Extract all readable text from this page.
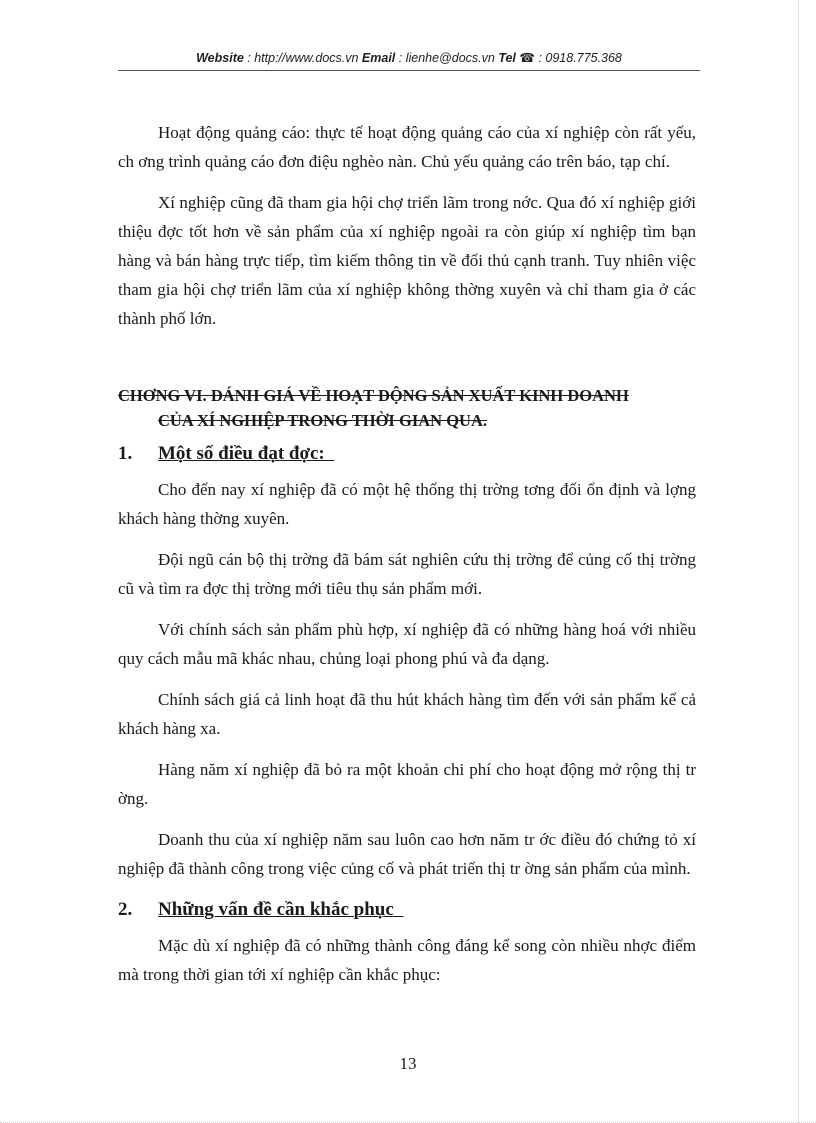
Website : http://www.docs.vn Email : lienhe@docs.vn Tel ☎ : 0918.775.368

Hoạt động quảng cáo: thực tế hoạt động quảng cáo của xí nghiệp còn rất yếu, ch ơng trình quảng cáo đơn điệu nghèo nàn. Chủ yếu quảng cáo trên báo, tạp chí.

Xí nghiệp cũng đã tham gia hội chợ triển lãm trong nớc. Qua đó xí nghiệp giới thiệu đợc tốt hơn về sản phẩm của xí nghiệp ngoài ra còn giúp xí nghiệp tìm bạn hàng và bán hàng trực tiếp, tìm kiếm thông tin về đối thủ cạnh tranh. Tuy nhiên việc tham gia hội chợ triển lãm của xí nghiệp không thờng xuyên và chỉ tham gia ở các thành phố lớn.

CHƠNG VI. ĐÁNH GIÁ VỀ HOẠT ĐỘNG SẢN XUẤT KINH DOANH
CỦA XÍ NGHIỆP TRONG THỜI GIAN QUA.
1.	Một số điều đạt đợc:

Cho đến nay xí nghiệp đã có một hệ thống thị trờng tơng đối ổn định và lợng khách hàng thờng xuyên.

Đội ngũ cán bộ thị trờng đã bám sát nghiên cứu thị trờng để củng cố thị trờng cũ và tìm ra đợc thị trờng mới tiêu thụ sản phẩm mới.

Với chính sách sản phẩm phù hợp, xí nghiệp đã có những hàng hoá với nhiều quy cách mẫu mã khác nhau, chủng loại phong phú và đa dạng.

Chính sách giá cả linh hoạt đã thu hút khách hàng tìm đến với sản phẩm kể cả khách hàng xa.

Hàng năm xí nghiệp đã bỏ ra một khoản chi phí cho hoạt động mở rộng thị tr ờng.

Doanh thu của xí nghiệp năm sau luôn cao hơn năm tr ớc điều đó chứng tỏ xí nghiệp đã thành công trong việc củng cố và phát triển thị tr ờng sản phẩm của mình.

2.	Những vấn đề cần khắc phục

Mặc dù xí nghiệp đã có những thành công đáng kể song còn nhiều nhợc điểm mà trong thời gian tới xí nghiệp cần khắc phục:

13
